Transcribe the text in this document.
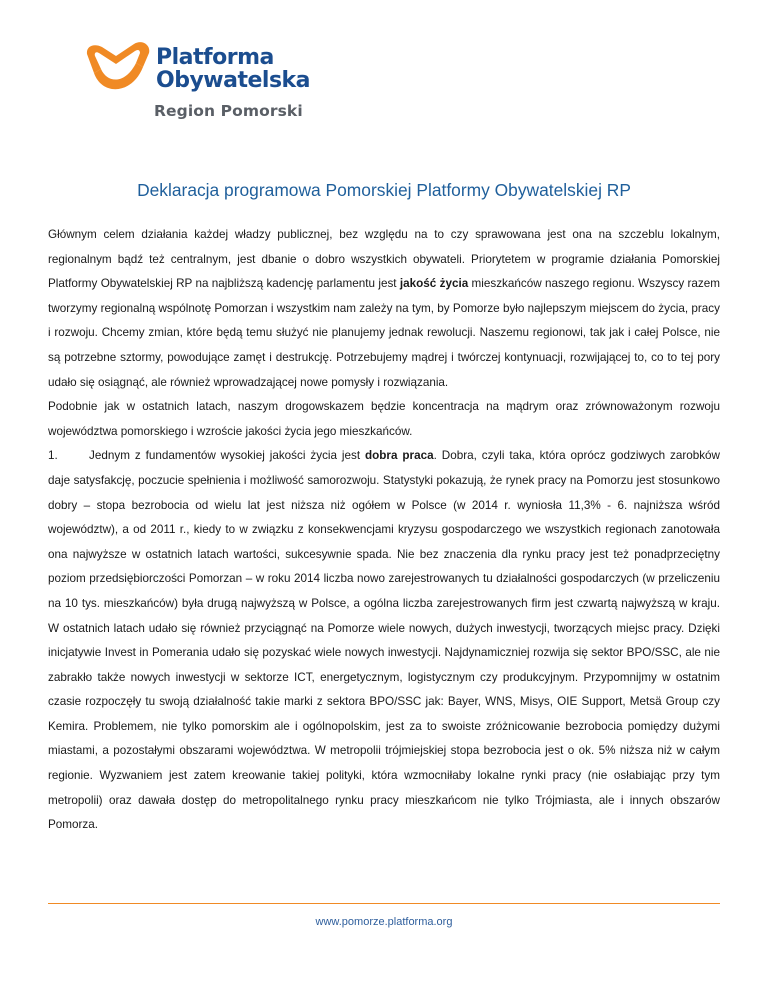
Platforma
Obywatelska
Region Pomorski
Deklaracja programowa Pomorskiej Platformy Obywatelskiej RP

Głównym celem działania każdej władzy publicznej, bez względu na to czy sprawowana jest ona na szczeblu lokalnym, regionalnym bądź też centralnym, jest dbanie o dobro wszystkich obywateli. Priorytetem w programie działania Pomorskiej Platformy Obywatelskiej RP na najbliższą kadencję parlamentu jest jakość życia mieszkańców naszego regionu. Wszyscy razem tworzymy regionalną wspólnotę Pomorzan i wszystkim nam zależy na tym, by Pomorze było najlepszym miejscem do życia, pracy i rozwoju. Chcemy zmian, które będą temu służyć nie planujemy jednak rewolucji. Naszemu regionowi, tak jak i całej Polsce, nie są potrzebne sztormy, powodujące zamęt i destrukcję. Potrzebujemy mądrej i twórczej kontynuacji, rozwijającej to, co to tej pory udało się osiągnąć, ale również wprowadzającej nowe pomysły i rozwiązania.

Podobnie jak w ostatnich latach, naszym drogowskazem będzie koncentracja na mądrym oraz zrównoważonym rozwoju województwa pomorskiego i wzroście jakości życia jego mieszkańców.

1.	Jednym z fundamentów wysokiej jakości życia jest dobra praca. Dobra, czyli taka, która oprócz godziwych zarobków daje satysfakcję, poczucie spełnienia i możliwość samorozwoju. Statystyki pokazują, że rynek pracy na Pomorzu jest stosunkowo dobry – stopa bezrobocia od wielu lat jest niższa niż ogółem w Polsce (w 2014 r. wyniosła 11,3% - 6. najniższa wśród województw), a od 2011 r., kiedy to w związku z konsekwencjami kryzysu gospodarczego we wszystkich regionach zanotowała ona najwyższe w ostatnich latach wartości, sukcesywnie spada. Nie bez znaczenia dla rynku pracy jest też ponadprzeciętny poziom przedsiębiorczości Pomorzan – w roku 2014 liczba nowo zarejestrowanych tu działalności gospodarczych (w przeliczeniu na 10 tys. mieszkańców) była drugą najwyższą w Polsce, a ogólna liczba zarejestrowanych firm jest czwartą najwyższą w kraju. W ostatnich latach udało się również przyciągnąć na Pomorze wiele nowych, dużych inwestycji, tworzących miejsc pracy. Dzięki inicjatywie Invest in Pomerania udało się pozyskać wiele nowych inwestycji. Najdynamiczniej rozwija się sektor BPO/SSC, ale nie zabrakło także nowych inwestycji w sektorze ICT, energetycznym, logistycznym czy produkcyjnym. Przypomnijmy w ostatnim czasie rozpoczęły tu swoją działalność takie marki z sektora BPO/SSC jak: Bayer, WNS, Misys, OIE Support, Metsä Group czy Kemira. Problemem, nie tylko pomorskim ale i ogólnopolskim, jest za to swoiste zróżnicowanie bezrobocia pomiędzy dużymi miastami, a pozostałymi obszarami województwa. W metropolii trójmiejskiej stopa bezrobocia jest o ok. 5% niższa niż w całym regionie. Wyzwaniem jest zatem kreowanie takiej polityki, która wzmocniłaby lokalne rynki pracy (nie osłabiając przy tym metropolii) oraz dawała dostęp do metropolitalnego rynku pracy mieszkańcom nie tylko Trójmiasta, ale i innych obszarów Pomorza.

www.pomorze.platforma.org
